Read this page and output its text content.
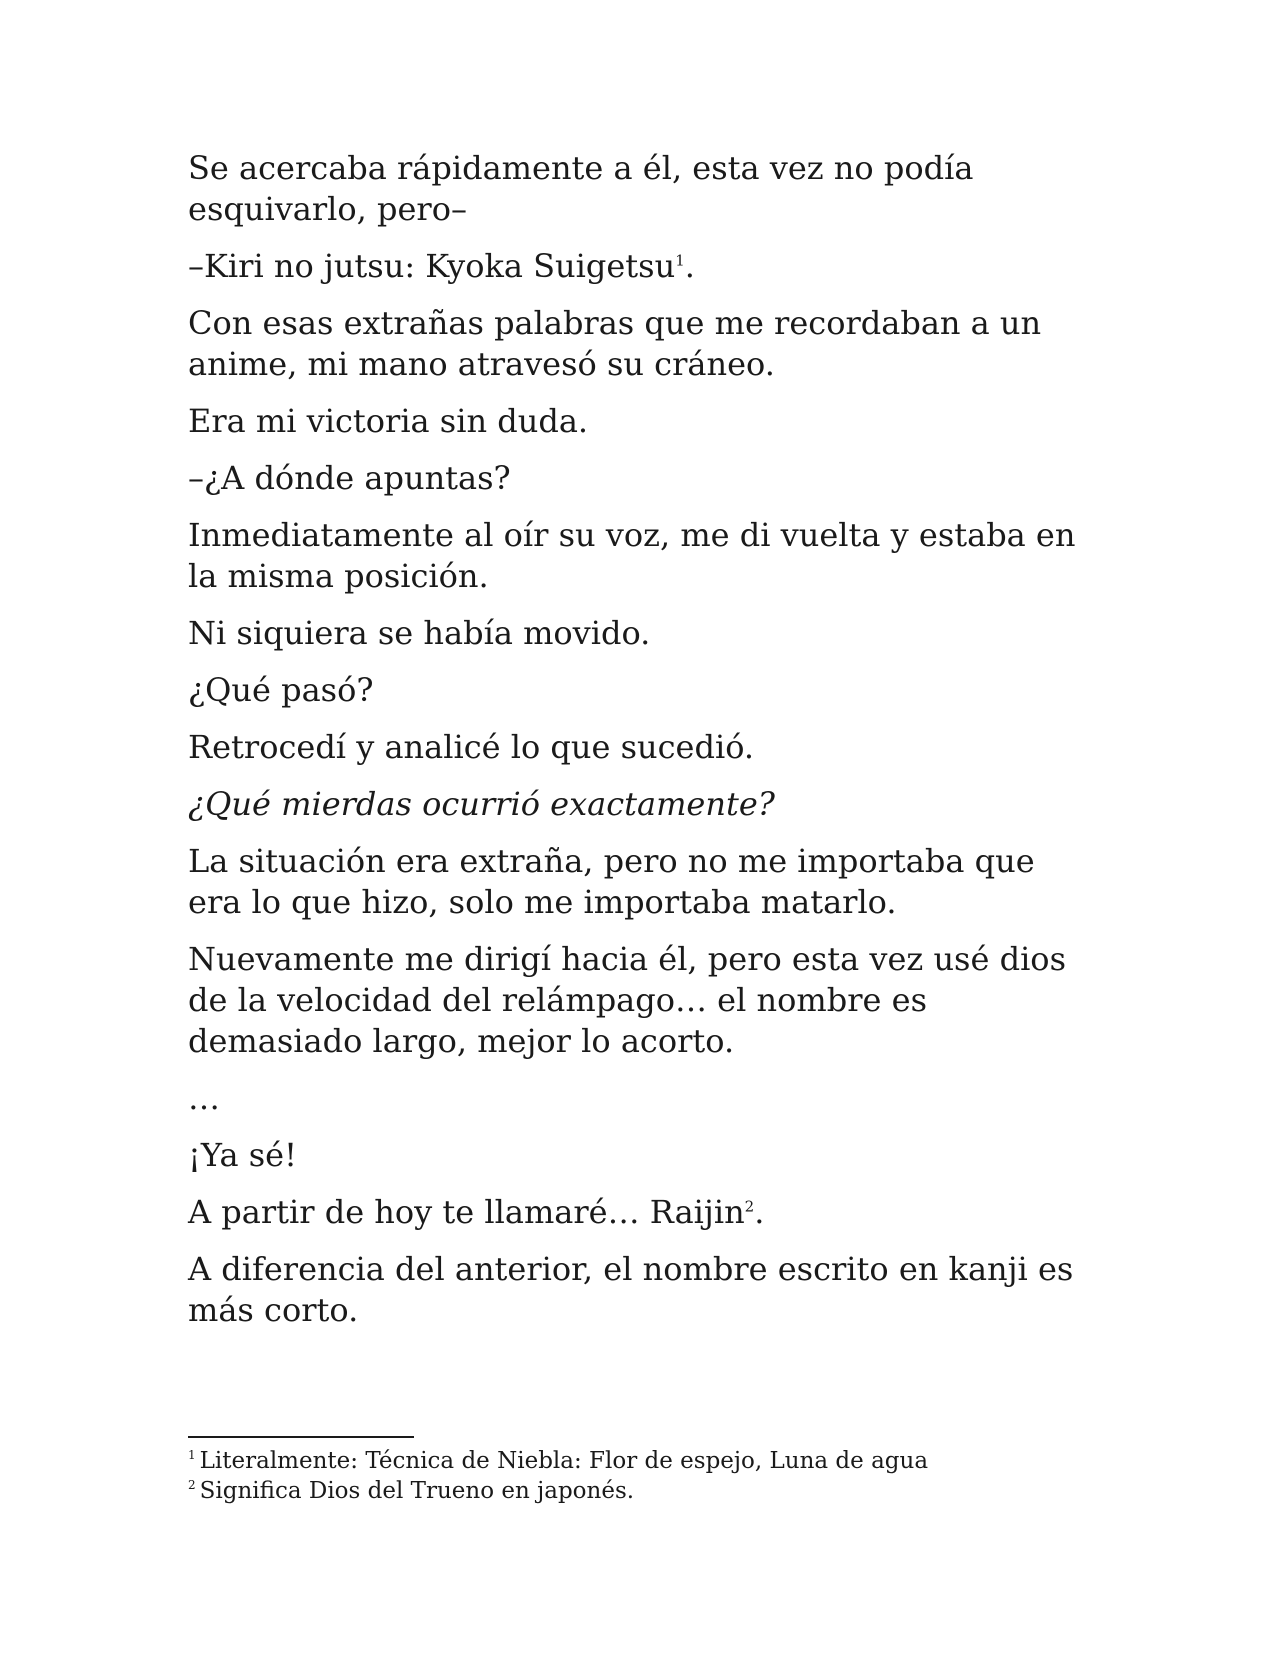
Se acercaba rápidamente a él, esta vez no podía esquivarlo, pero–

–Kiri no jutsu: Kyoka Suigetsu$^1$.

Con esas extrañas palabras que me recordaban a un anime, mi mano atravesó su cráneo.

Era mi victoria sin duda.

–¿A dónde apuntas?

Inmediatamente al oír su voz, me di vuelta y estaba en la misma posición.

Ni siquiera se había movido.

¿Qué pasó?

Retrocedí y analicé lo que sucedió.

¿Qué mierdas ocurrió exactamente?

La situación era extraña, pero no me importaba que era lo que hizo, solo me importaba matarlo.

Nuevamente me dirigí hacia él, pero esta vez usé dios de la velocidad del relámpago… el nombre es demasiado largo, mejor lo acorto.

…

¡Ya sé!

A partir de hoy te llamaré… Raijin$^2$.

A diferencia del anterior, el nombre escrito en kanji es más corto.

$^1$ Literalmente: Técnica de Niebla: Flor de espejo, Luna de agua

$^2$ Significa Dios del Trueno en japonés.
